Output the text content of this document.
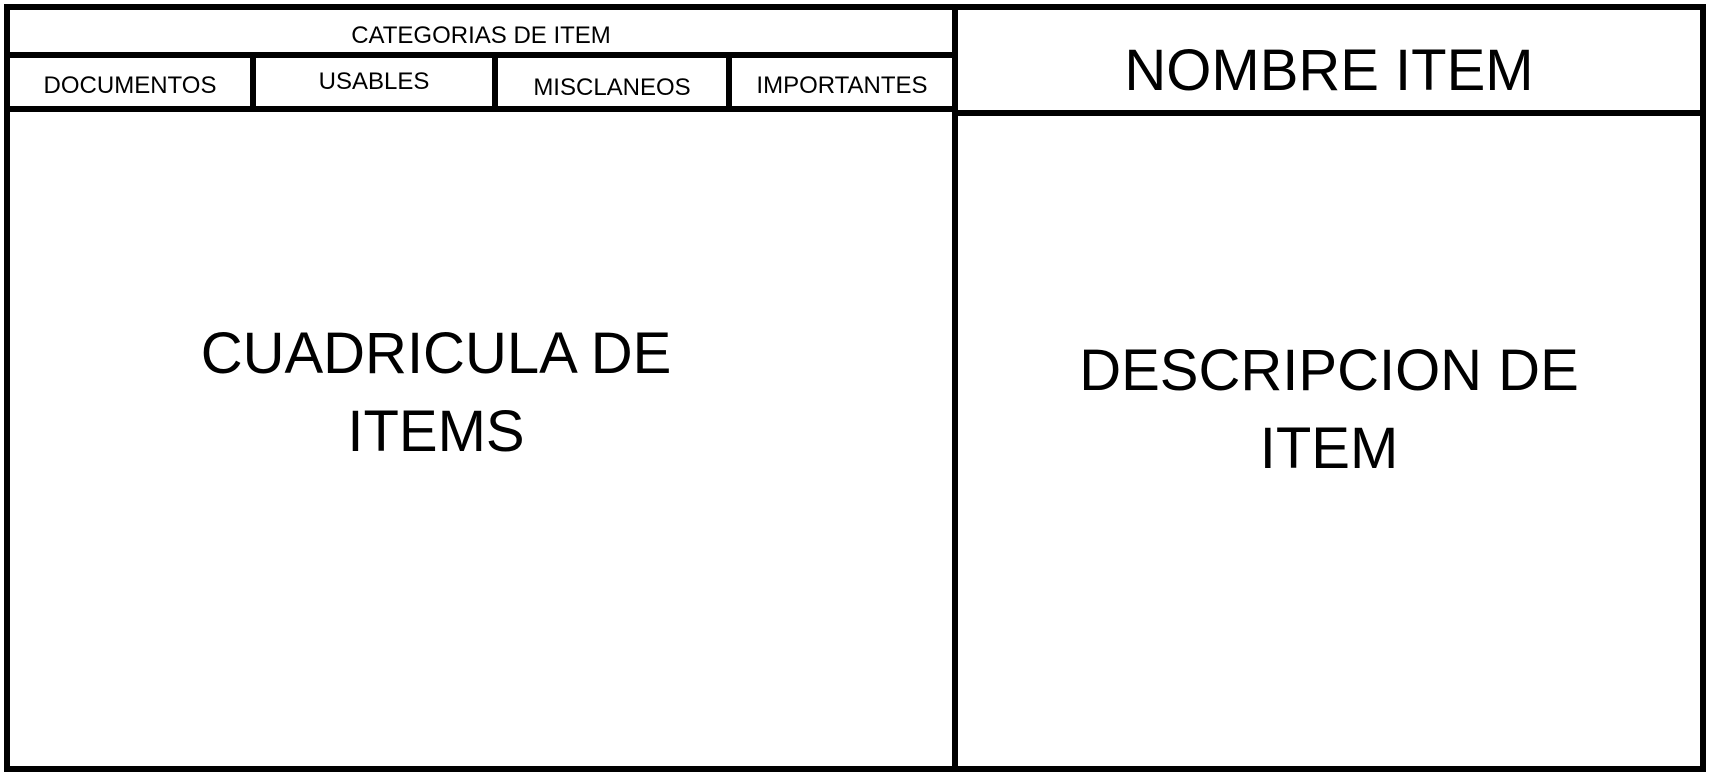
CATEGORIAS DE ITEM
DOCUMENTOS	USABLES	MISCLANEOS	IMPORTANTES
CUADRICULA DE
ITEMS
NOMBRE ITEM
DESCRIPCION DE
ITEM
